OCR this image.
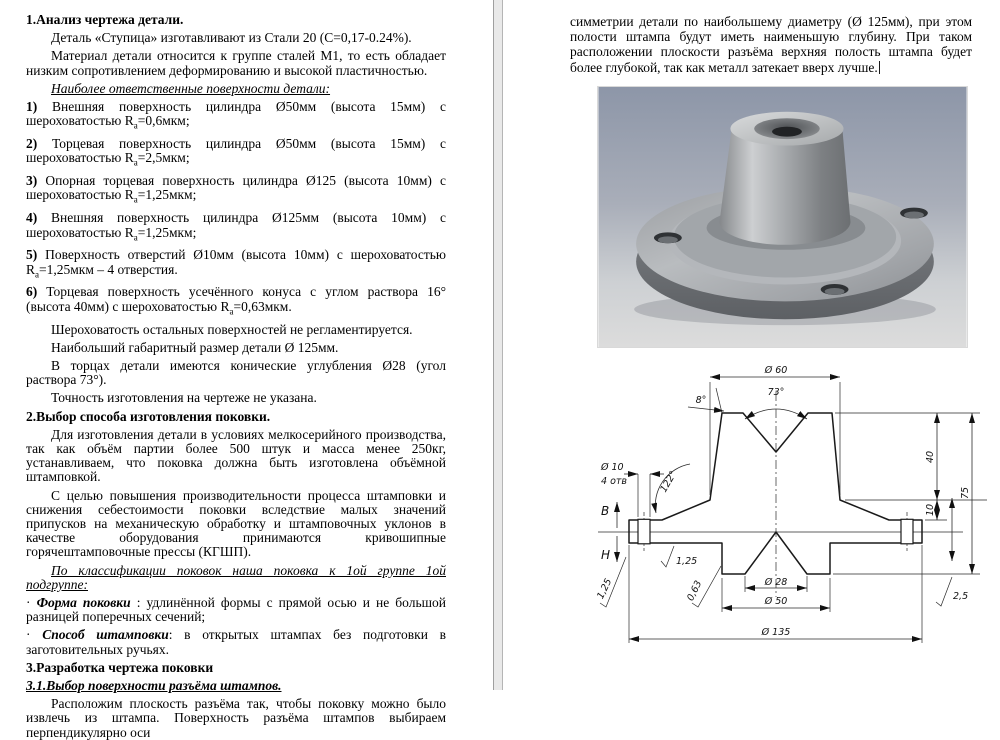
1.Анализ чертежа детали.

Деталь «Ступица» изготавливают из Стали 20 (С=0,17-0.24%).

Материал детали относится к группе сталей М1, то есть обладает низким сопротивлением деформированию и высокой пластичностью.

Наиболее ответственные поверхности детали:

1) Внешняя поверхность цилиндра Ø50мм (высота 15мм) с шероховатостью $R_a=0,6мкм$;

2) Торцевая поверхность цилиндра Ø50мм (высота 15мм) с шероховатостью $R_a=2,5мкм$;

3) Опорная торцевая поверхность цилиндра Ø125 (высота 10мм) с шероховатостью $R_a=1,25мкм$;

4) Внешняя поверхность цилиндра Ø125мм (высота 10мм) с шероховатостью $R_a=1,25мкм$;

5) Поверхность отверстий Ø10мм (высота 10мм) с шероховатостью $R_a=1,25мкм - 4$ отверстия.

6) Торцевая поверхность усечённого конуса с углом раствора 16° (высота 40мм) с шероховатостью $R_a=0,63мкм$.

Шероховатость остальных поверхностей не регламентируется.

Наибольший габаритный размер детали Ø 125мм.

В торцах детали имеются конические углубления Ø28 (угол раствора 73°).

Точность изготовления на чертеже не указана.

2.Выбор способа изготовления поковки.

Для изготовления детали в условиях мелкосерийного производства, так как объём партии более 500 штук и масса менее 250кг, устанавливаем, что поковка должна быть изготовлена объёмной штамповкой.

С целью повышения производительности процесса штамповки и снижения себестоимости поковки вследствие малых значений припусков на механическую обработку и штамповочных уклонов в качестве оборудования принимаются кривошипные горячештамповочные прессы (КГШП).

По классификации поковок наша поковка к 1ой группе 1ой подгруппе:

· Форма поковки : удлинённой формы с прямой осью и не большой разницей поперечных сечений;

· Способ штамповки: в открытых штампах без подготовки в заготовительных ручьях.

3.Разработка чертежа поковки

3.1.Выбор поверхности разъёма штампов.

Расположим плоскость разъёма так, чтобы поковку можно было извлечь из штампа. Поверхность разъёма штампов выбираем перпендикулярно оси

симметрии детали по наибольшему диаметру (Ø 125мм), при этом полости штампа будут иметь наименьшую глубину. При таком расположении плоскости разъёма верхняя полость штампа будет более глубокой, так как металл затекает вверх лучше.

Ø 60
73°
8°
122°
Ø 10
4 отв
В
Н
40
10
75
Ø 28
Ø 50
Ø 135
1,25
1,25	0,63	2,5
